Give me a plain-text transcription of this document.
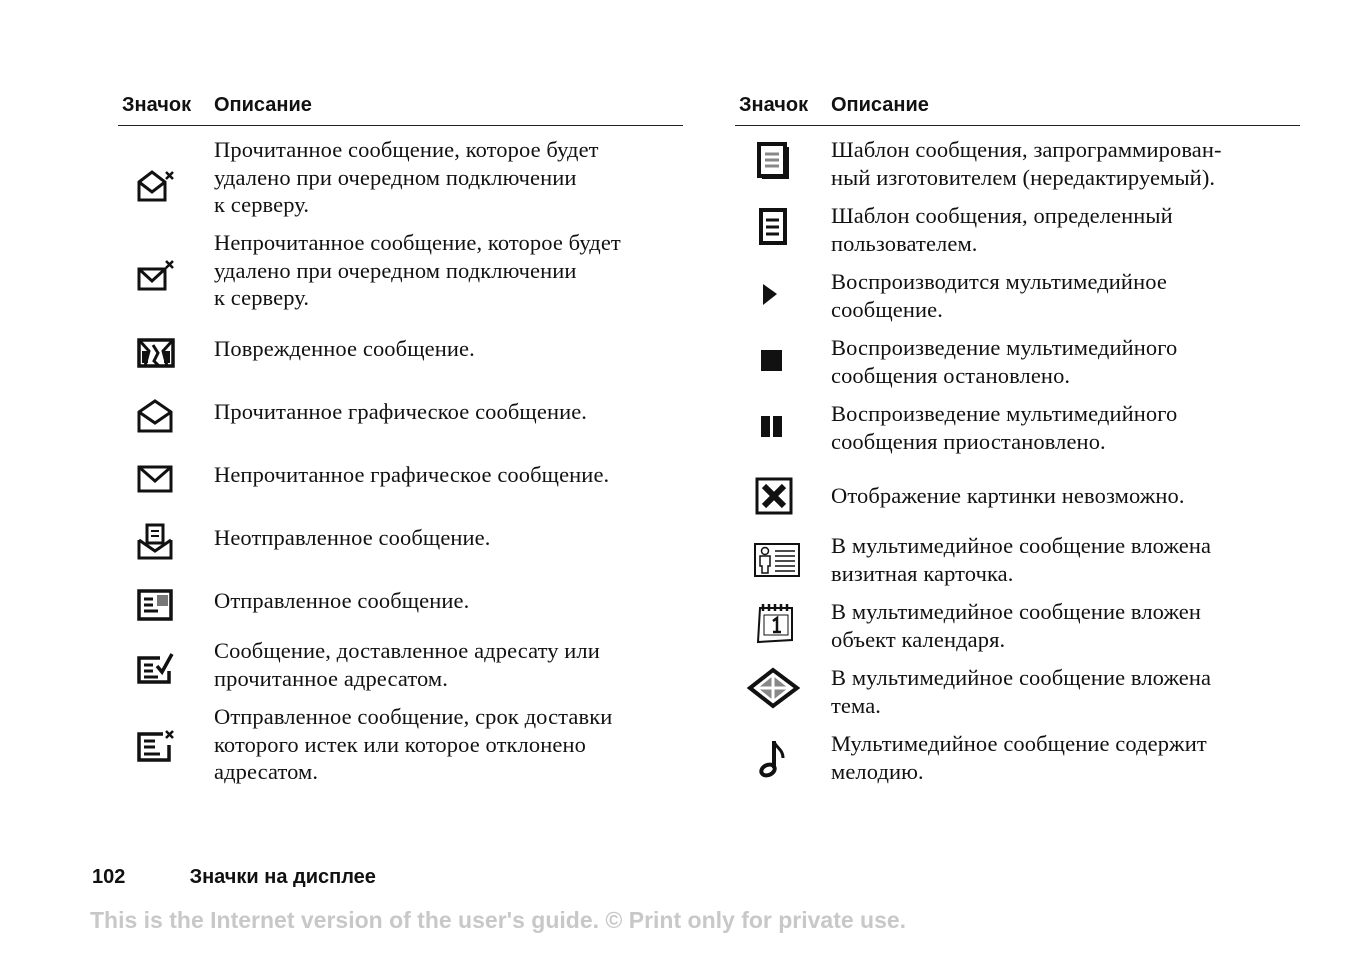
Значок	Описание

Прочитанное сообщение, которое будет
удалено при очередном подключении
к серверу.

Непрочитанное сообщение, которое будет
удалено при очередном подключении
к серверу.

Поврежденное сообщение.

Прочитанное графическое сообщение.

Непрочитанное графическое сообщение.

Неотправленное сообщение.

Отправленное сообщение.

Сообщение, доставленное адресату или
прочитанное адресатом.

Отправленное сообщение, срок доставки
которого истек или которое отклонено
адресатом.

Значок	Описание

Шаблон сообщения, запрограммирован-
ный изготовителем (нередактируемый).

Шаблон сообщения, определенный
пользователем.

Воспроизводится мультимедийное
сообщение.

Воспроизведение мультимедийного
сообщения остановлено.

Воспроизведение мультимедийного
сообщения приостановлено.

Отображение картинки невозможно.

В мультимедийное сообщение вложена
визитная карточка.

В мультимедийное сообщение вложен
объект календаря.

В мультимедийное сообщение вложена
тема.

Мультимедийное сообщение содержит
мелодию.

102	Значки на дисплее
This is the Internet version of the user's guide. © Print only for private use.
